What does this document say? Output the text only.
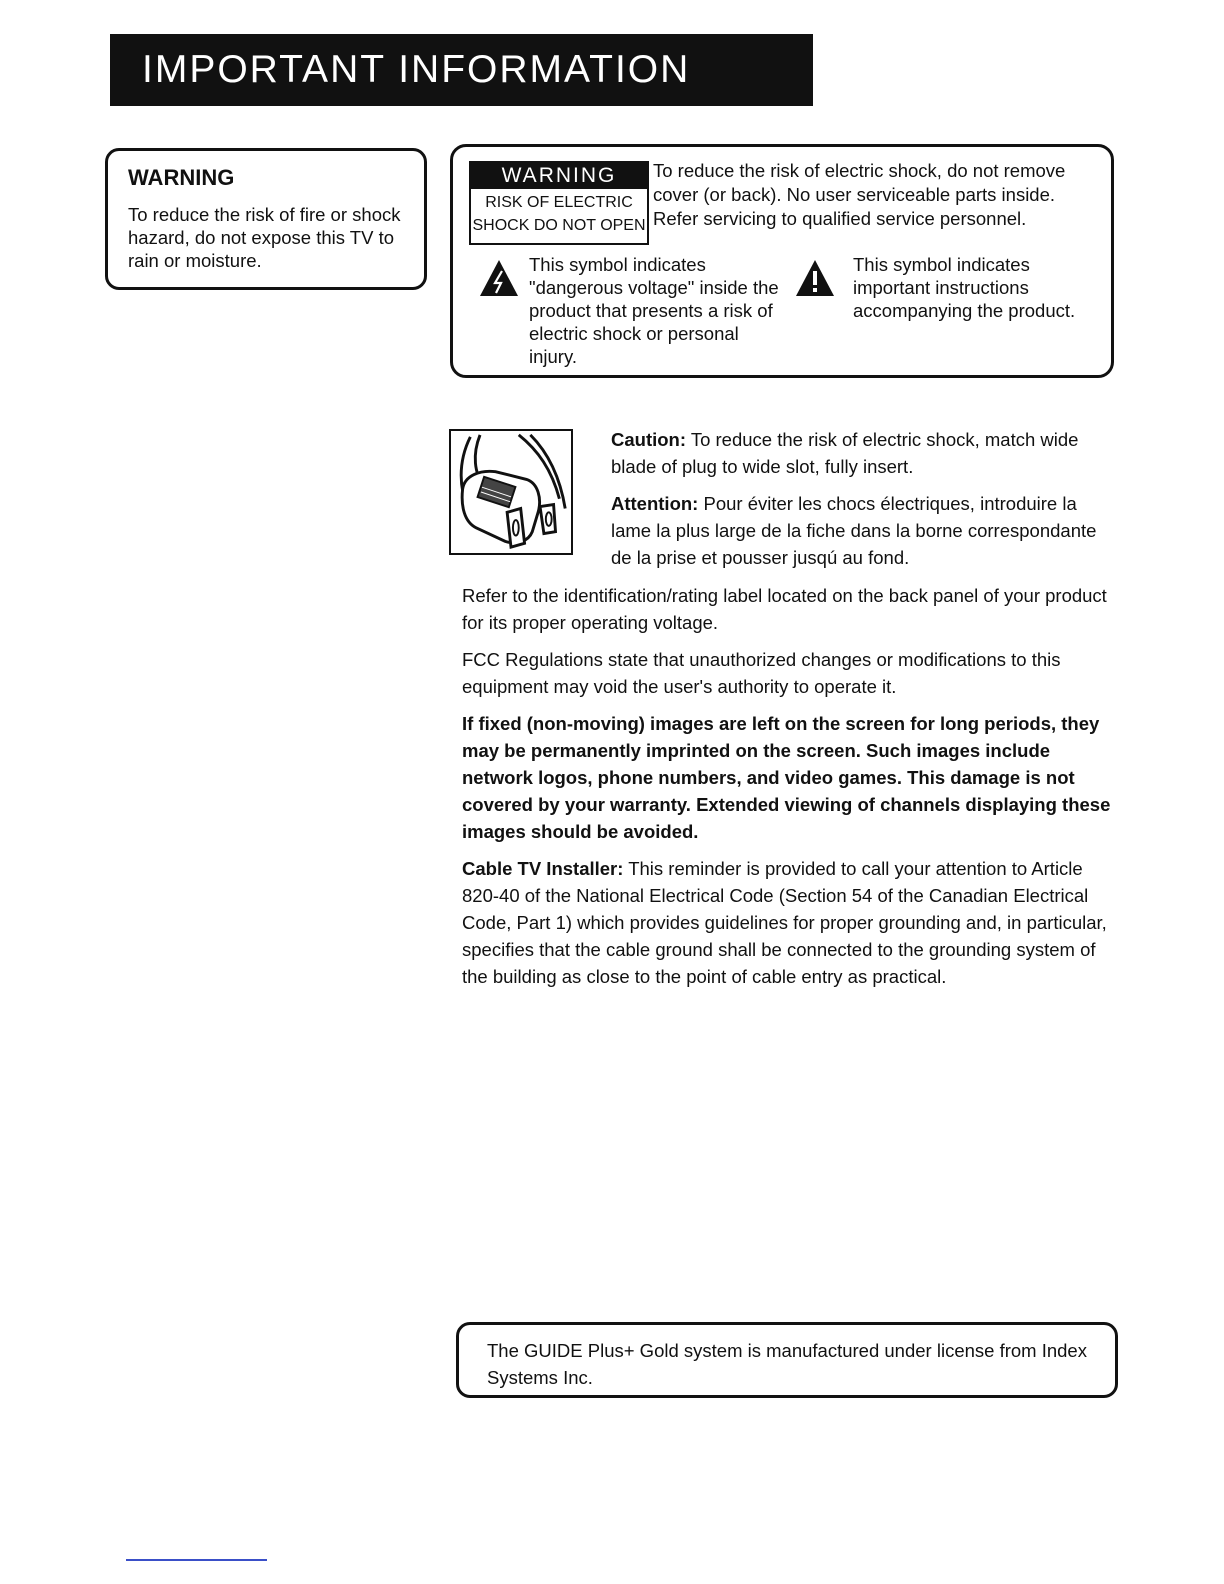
IMPORTANT INFORMATION
WARNING
To reduce the risk of fire or shock hazard, do not expose this TV to rain or moisture.
WARNING
RISK OF ELECTRIC
SHOCK DO NOT OPEN
To reduce the risk of electric shock, do not remove cover (or back). No user serviceable parts inside. Refer servicing to qualified service personnel.
This symbol indicates "dangerous voltage" inside the product that presents a risk of electric shock or personal injury.
This symbol indicates important instructions accompanying the product.

Caution: To reduce the risk of electric shock, match wide blade of plug to wide slot, fully insert.

Attention: Pour éviter les chocs électriques, introduire la lame la plus large de la fiche dans la borne correspondante de la prise et pousser jusqú au fond.

Refer to the identification/rating label located on the back panel of your product for its proper operating voltage.

FCC Regulations state that unauthorized changes or modifications to this equipment may void the user's authority to operate it.

If fixed (non-moving) images are left on the screen for long periods, they may be permanently imprinted on the screen. Such images include network logos, phone numbers, and video games. This damage is not covered by your warranty. Extended viewing of channels displaying these images should be avoided.

Cable TV Installer: This reminder is provided to call your attention to Article 820-40 of the National Electrical Code (Section 54 of the Canadian Electrical Code, Part 1) which provides guidelines for proper grounding and, in particular, specifies that the cable ground shall be connected to the grounding system of the building as close to the point of cable entry as practical.

The GUIDE Plus+ Gold system is manufactured under license from Index Systems Inc.
